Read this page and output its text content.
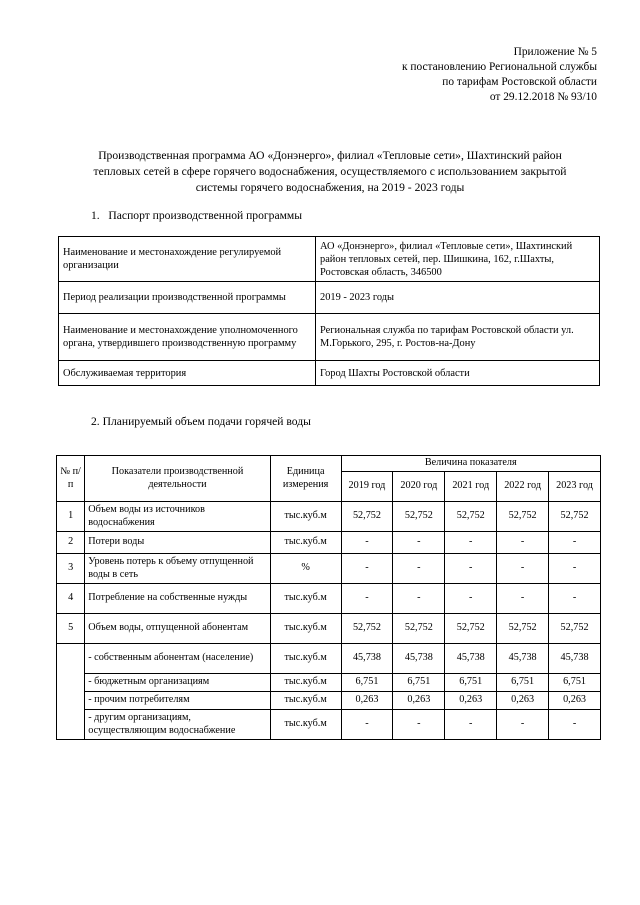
Приложение № 5
к постановлению Региональной службы
по тарифам Ростовской области
от 29.12.2018 № 93/10
Производственная программа АО «Донэнерго», филиал «Тепловые сети», Шахтинский район
тепловых сетей в сфере горячего водоснабжения, осуществляемого с использованием закрытой
системы горячего водоснабжения, на 2019 - 2023 годы
1. Паспорт производственной программы
Наименование и местонахождение регулируемой организации	АО «Донэнерго», филиал «Тепловые сети», Шахтинский район тепловых сетей, пер. Шишкина, 162, г.Шахты, Ростовская область, 346500
Период реализации производственной программы	2019 - 2023 годы
Наименование и местонахождение уполномоченного органа, утвердившего производственную программу	Региональная служба по тарифам Ростовской области ул. М.Горького, 295, г. Ростов-на-Дону
Обслуживаемая территория	Город Шахты Ростовской области
2. Планируемый объем подачи горячей воды
№ п/п	Показатели производственной деятельности	Единица измерения	Величина показателя				
			2019 год	2020 год	2021 год	2022 год	2023 год
1	Объем воды из источников водоснабжения	тыс.куб.м	52,752	52,752	52,752	52,752	52,752
2	Потери воды	тыс.куб.м	-	-	-	-	-
3	Уровень потерь к объему отпущенной воды в сеть	%	-	-	-	-	-
4	Потребление на собственные нужды	тыс.куб.м	-	-	-	-	-
5	Объем воды, отпущенной абонентам	тыс.куб.м	52,752	52,752	52,752	52,752	52,752
	- собственным абонентам (население)	тыс.куб.м	45,738	45,738	45,738	45,738	45,738
	- бюджетным организациям	тыс.куб.м	6,751	6,751	6,751	6,751	6,751
	- прочим потребителям	тыс.куб.м	0,263	0,263	0,263	0,263	0,263
	- другим организациям, осуществляющим водоснабжение	тыс.куб.м	-	-	-	-	-
